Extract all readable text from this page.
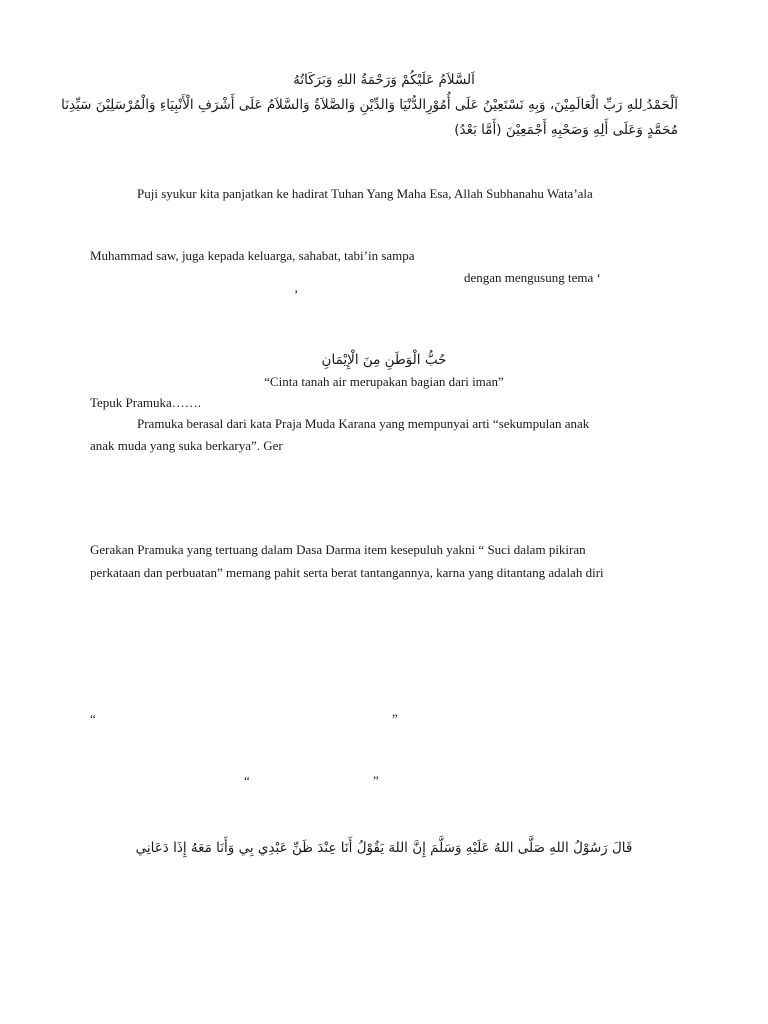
اَلسَّلاَمُ عَلَيْكُمْ وَرَحْمَةُ اللهِ وَبَرَكَاتُهُ
اَلْحَمْدُ ِللهِ رَبِّ الْعَالَمِيْنَ، وَبِهِ نَسْتَعِيْنُ عَلَى أُمُوْرِالدُّنْيَا وَالدِّيْنِ وَالصَّلاَةُ وَالسَّلاَمُ عَلَى أَشْرَفِ الْأَنْبِيَاءِ وَالْمُرْسَلِيْنَ سَيِّدِنَا
مُحَمَّدٍ وَعَلَى أَلِهِ وَصَحْبِهِ أَجْمَعِيْنَ (أَمَّا بَعْدُ)
Puji syukur kita panjatkan ke hadirat Tuhan Yang Maha Esa, Allah Subhanahu Wata’ala
Muhammad saw, juga kepada keluarga, sahabat, tabi’in sampa
dengan mengusung tema ‘
’
حُبُّ الْوَطَنِ مِنَ الْإِيْمَانِ
“Cinta tanah air merupakan bagian dari iman”
Tepuk Pramuka…….
Pramuka berasal dari kata Praja Muda Karana yang mempunyai arti “sekumpulan anak
anak muda yang suka berkarya”. Ger
Gerakan Pramuka yang tertuang dalam Dasa Darma item kesepuluh yakni “ Suci dalam pikiran
perkataan dan perbuatan” memang pahit serta berat tantangannya, karna yang ditantang adalah diri
“	”
“	”
قَالَ رَسُوْلُ اللهِ صَلَّى اللهُ عَلَيْهِ وَسَلَّمَ إِنَّ اللهَ يَقُوْلُ أَنَا عِنْدَ ظَنِّ عَبْدِي بِي وَأَنَا مَعَهُ إِذَا دَعَانِي
